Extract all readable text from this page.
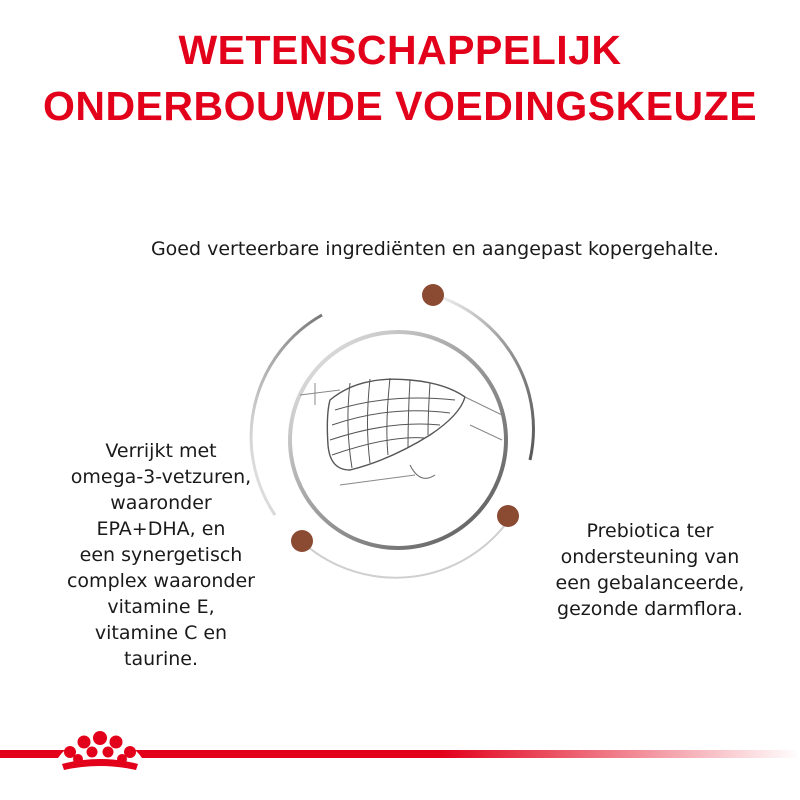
WETENSCHAPPELIJK
ONDERBOUWDE VOEDINGSKEUZE

Goed verteerbare ingrediënten en aangepast kopergehalte.

Verrijkt met
omega-3-vetzuren,
waaronder
EPA+DHA, en
een synergetisch
complex waaronder
vitamine E,
vitamine C en
taurine.

Prebiotica ter
ondersteuning van
een gebalanceerde,
gezonde darmflora.
